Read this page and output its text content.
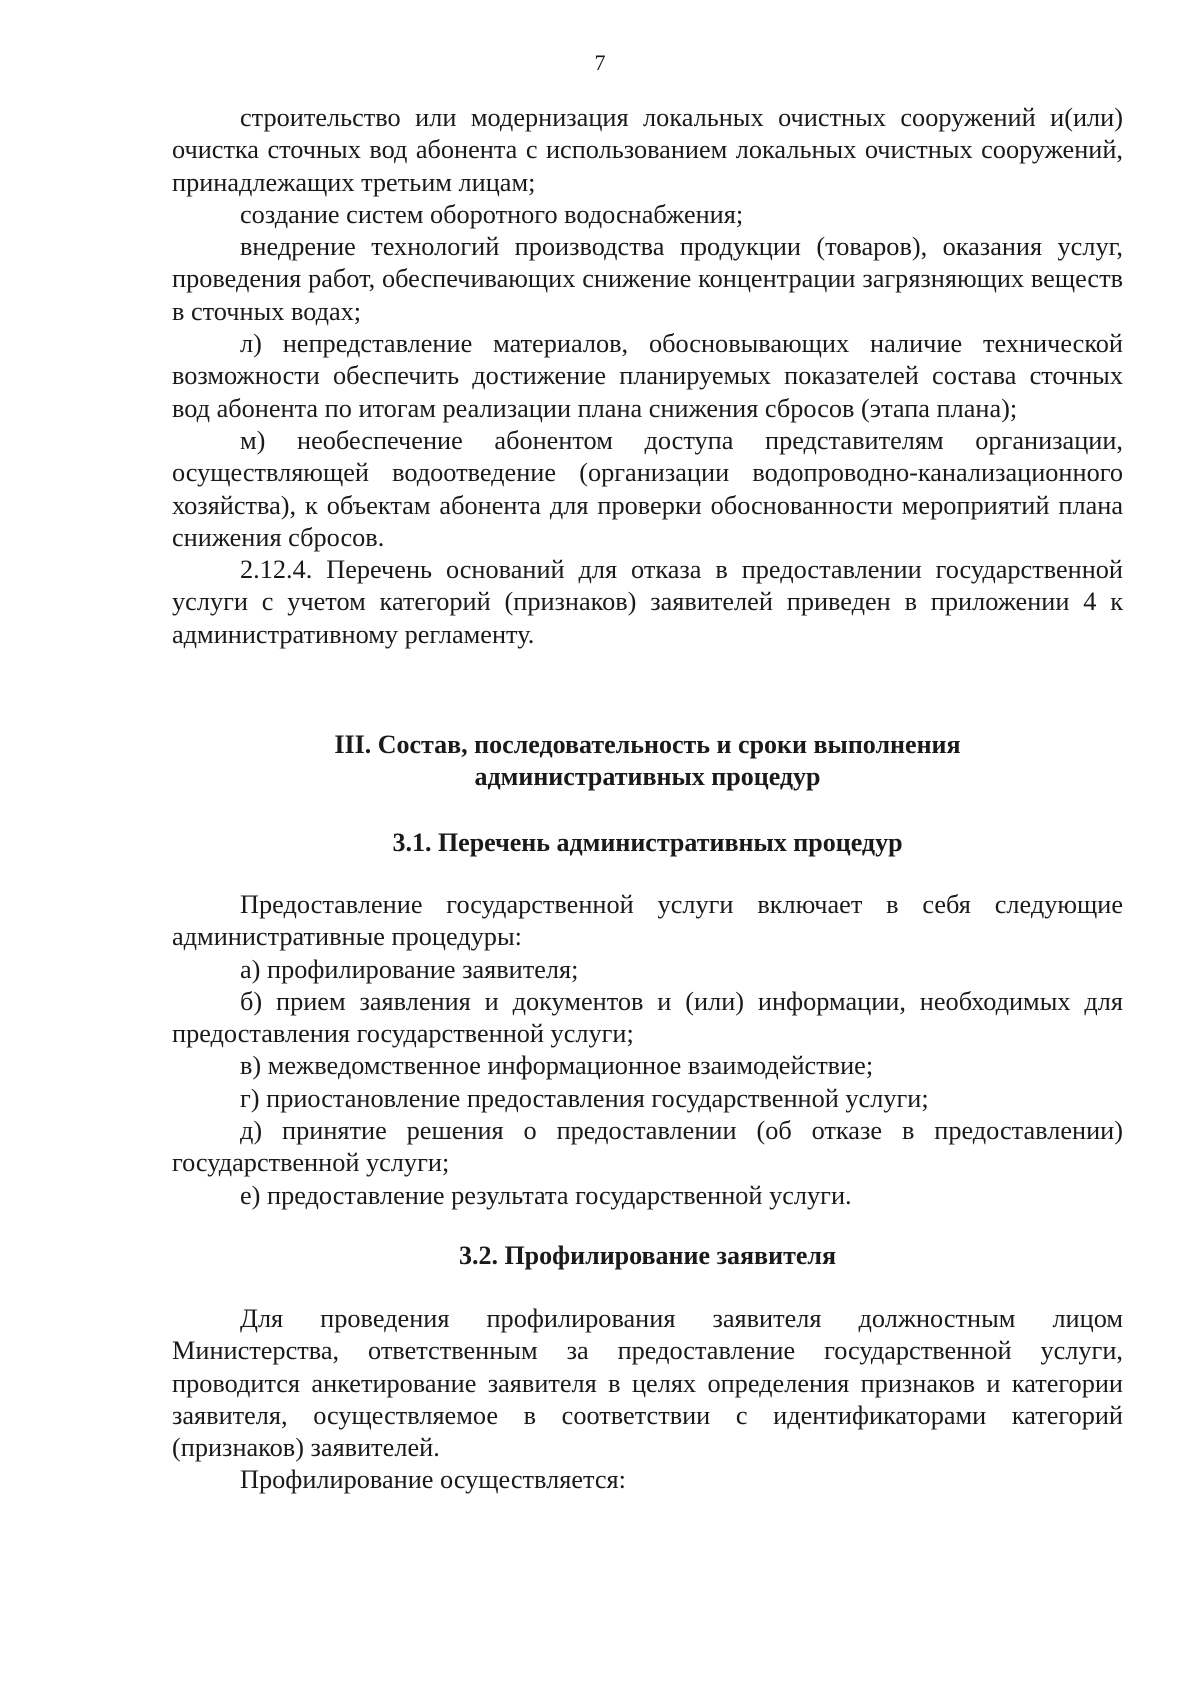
7

строительство или модернизация локальных очистных сооружений и(или) очистка сточных вод абонента с использованием локальных очистных сооружений, принадлежащих третьим лицам;

создание систем оборотного водоснабжения;

внедрение технологий производства продукции (товаров), оказания услуг, проведения работ, обеспечивающих снижение концентрации загрязняющих веществ в сточных водах;

л) непредставление материалов, обосновывающих наличие технической возможности обеспечить достижение планируемых показателей состава сточных вод абонента по итогам реализации плана снижения сбросов (этапа плана);

м) необеспечение абонентом доступа представителям организации, осуществляющей водоотведение (организации водопроводно-канализационного хозяйства), к объектам абонента для проверки обоснованности мероприятий плана снижения сбросов.

2.12.4. Перечень оснований для отказа в предоставлении государственной услуги с учетом категорий (признаков) заявителей приведен в приложении 4 к административному регламенту.

III. Состав, последовательность и сроки выполнения

административных процедур

3.1. Перечень административных процедур

Предоставление государственной услуги включает в себя следующие административные процедуры:

а) профилирование заявителя;

б) прием заявления и документов и (или) информации, необходимых для предоставления государственной услуги;

в) межведомственное информационное взаимодействие;

г) приостановление предоставления государственной услуги;

д) принятие решения о предоставлении (об отказе в предоставлении) государственной услуги;

е) предоставление результата государственной услуги.

3.2. Профилирование заявителя

Для проведения профилирования заявителя должностным лицом Министерства, ответственным за предоставление государственной услуги, проводится анкетирование заявителя в целях определения признаков и категории заявителя, осуществляемое в соответствии с идентификаторами категорий (признаков) заявителей.

Профилирование осуществляется:
